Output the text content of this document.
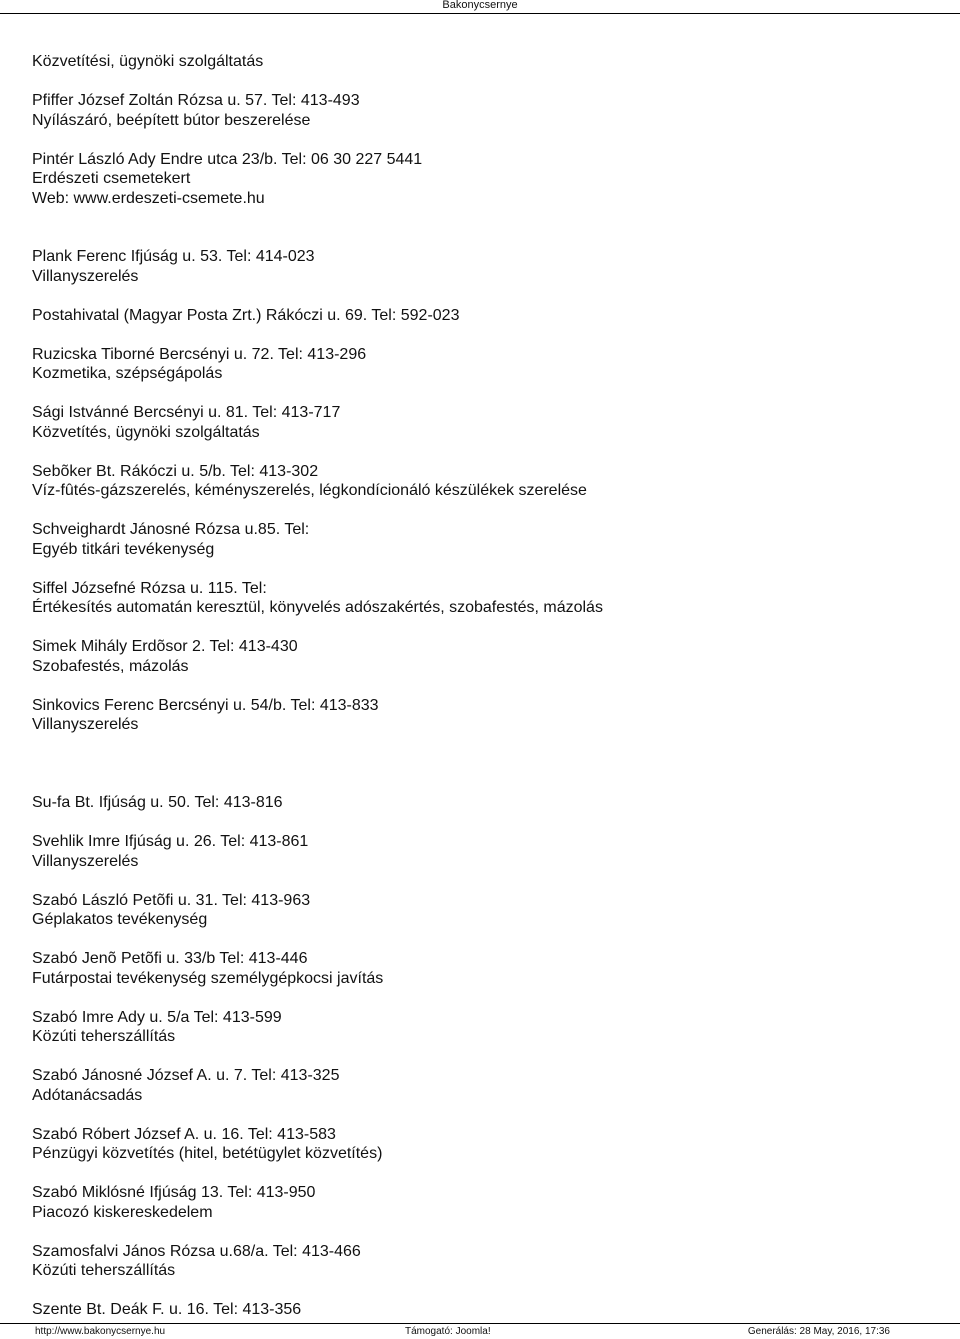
Bakonycsernye
Közvetítési, ügynöki szolgáltatás
Pfiffer József Zoltán Rózsa u. 57. Tel: 413-493
Nyílászáró, beépített bútor beszerelése
Pintér László Ady Endre utca 23/b. Tel: 06 30 227 5441
Erdészeti csemetekert
Web: www.erdeszeti-csemete.hu
Plank Ferenc Ifjúság u. 53. Tel: 414-023
Villanyszerelés
Postahivatal (Magyar Posta Zrt.) Rákóczi u. 69. Tel: 592-023
Ruzicska Tiborné Bercsényi u. 72. Tel: 413-296
Kozmetika, szépségápolás
Sági Istvánné Bercsényi u. 81. Tel: 413-717
Közvetítés, ügynöki szolgáltatás
Sebõker Bt. Rákóczi u. 5/b. Tel: 413-302
Víz-fûtés-gázszerelés, kéményszerelés, légkondícionáló készülékek szerelése
Schveighardt Jánosné Rózsa u.85. Tel:
Egyéb titkári tevékenység
Siffel Józsefné Rózsa u. 115. Tel:
Értékesítés automatán keresztül, könyvelés adószakértés, szobafestés, mázolás
Simek Mihály Erdõsor 2. Tel: 413-430
Szobafestés, mázolás
Sinkovics Ferenc Bercsényi u. 54/b. Tel: 413-833
Villanyszerelés
Su-fa Bt. Ifjúság u. 50. Tel: 413-816
Svehlik Imre Ifjúság u. 26. Tel: 413-861
Villanyszerelés
Szabó László Petõfi u. 31. Tel: 413-963
Géplakatos tevékenység
Szabó Jenõ Petõfi u. 33/b Tel: 413-446
Futárpostai tevékenység személygépkocsi javítás
Szabó Imre Ady u. 5/a Tel: 413-599
Közúti teherszállítás
Szabó Jánosné József A. u. 7. Tel: 413-325
Adótanácsadás
Szabó Róbert József A. u. 16. Tel: 413-583
Pénzügyi közvetítés (hitel, betétügylet közvetítés)
Szabó Miklósné Ifjúság 13. Tel: 413-950
Piacozó kiskereskedelem
Szamosfalvi János Rózsa u.68/a. Tel: 413-466
Közúti teherszállítás
Szente Bt. Deák F. u. 16. Tel: 413-356
http://www.bakonycsernye.hu	Támogató: Joomla!	Generálás: 28 May, 2016, 17:36
